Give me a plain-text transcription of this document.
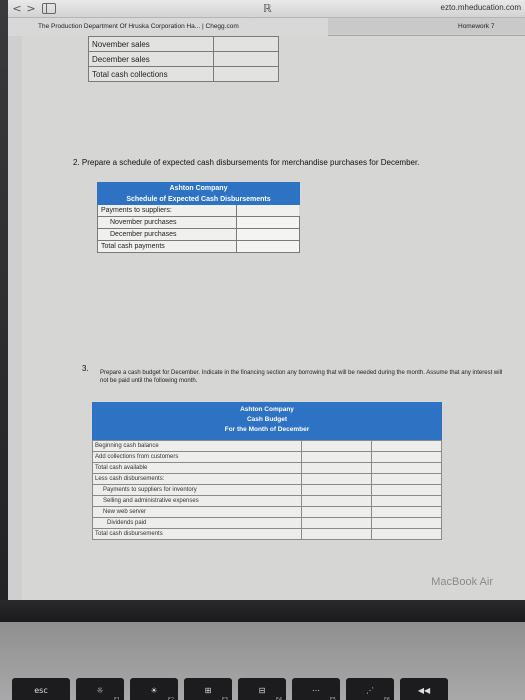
< >	ℝ	ezto.mheducation.com
The Production Department Of Hruska Corporation Ha... | Chegg.com	Homework 7
November sales	
December sales	
Total cash collections	
2. Prepare a schedule of expected cash disbursements for merchandise purchases for December.
Ashton Company	
Schedule of Expected Cash Disbursements	
Payments to suppliers:	
November purchases	
December purchases	
Total cash payments	
3. Prepare a cash budget for December. Indicate in the financing section any borrowing that will be needed during the month. Assume that any interest will not be paid until the following month.
Ashton Company
Cash Budget
For the Month of December
Beginning cash balance		
Add collections from customers		
Total cash available		
Less cash disbursements:		
Payments to suppliers for inventory		
Selling and administrative expenses		
New web server		
Dividends paid		
Total cash disbursements		
MacBook Air
esc	☼
F1
☀
F2
⊞
F3
⊟
F4
⋯
F5
⋰
F6
◀◀
